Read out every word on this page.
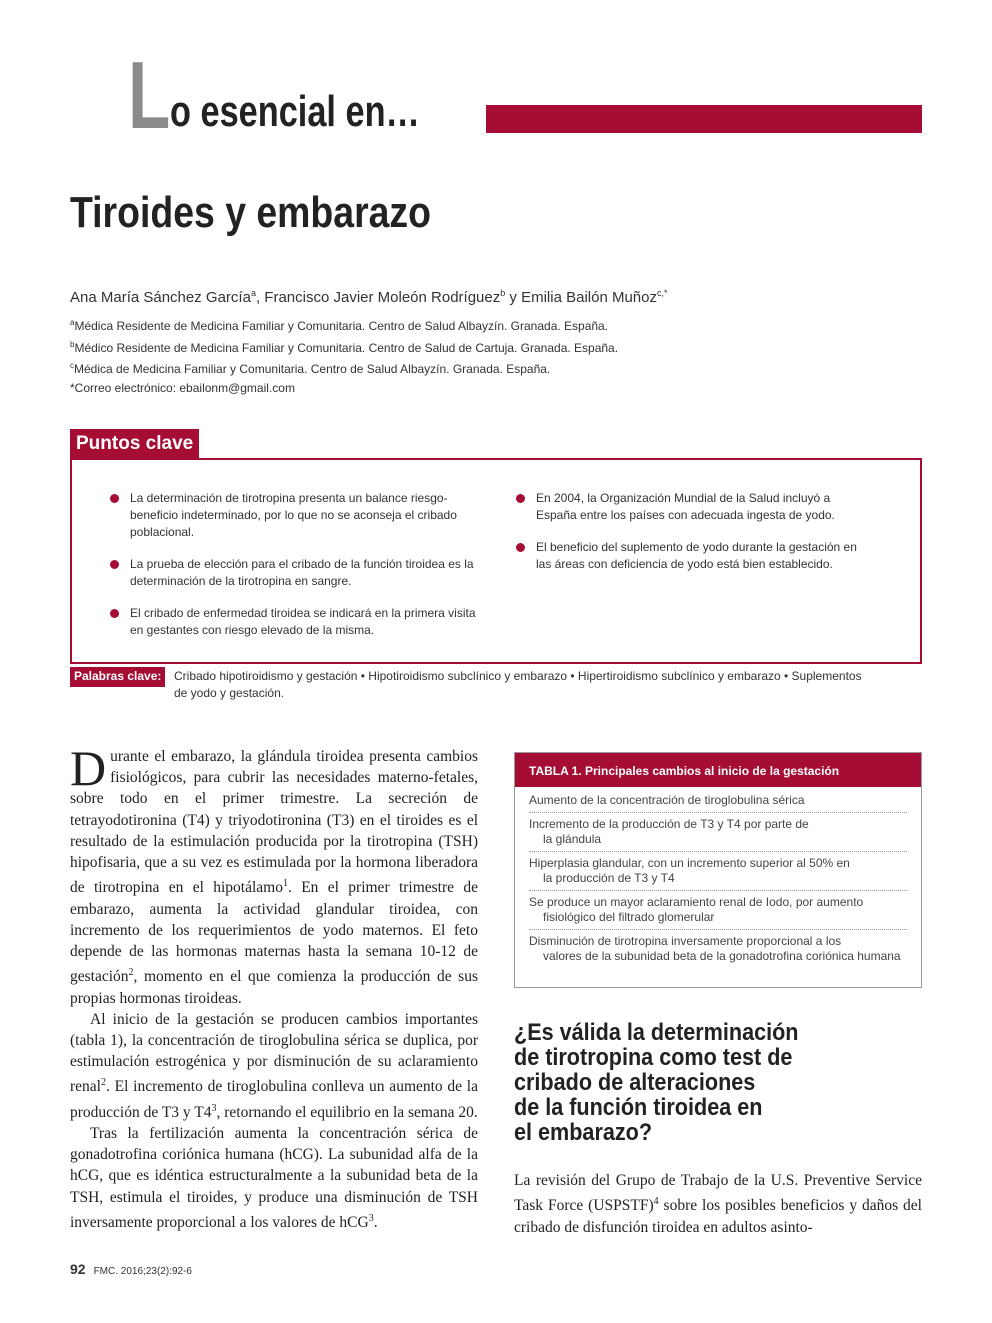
L o esencial en…
Tiroides y embarazo
Ana María Sánchez García$^a$, Francisco Javier Moleón Rodríguez$^b$ y Emilia Bailón Muñoz$^{c,*}$
$^a$Médica Residente de Medicina Familiar y Comunitaria. Centro de Salud Albayzín. Granada. España.
$^b$Médico Residente de Medicina Familiar y Comunitaria. Centro de Salud de Cartuja. Granada. España.
$^c$Médica de Medicina Familiar y Comunitaria. Centro de Salud Albayzín. Granada. España.
*Correo electrónico: ebailonm@gmail.com
Puntos clave
La determinación de tirotropina presenta un balance riesgo-beneficio indeterminado, por lo que no se aconseja el cribado poblacional.
La prueba de elección para el cribado de la función tiroidea es la determinación de la tirotropina en sangre.
El cribado de enfermedad tiroidea se indicará en la primera visita en gestantes con riesgo elevado de la misma.
En 2004, la Organización Mundial de la Salud incluyó a España entre los países con adecuada ingesta de yodo.
El beneficio del suplemento de yodo durante la gestación en las áreas con deficiencia de yodo está bien establecido.
Palabras clave:	Cribado hipotiroidismo y gestación • Hipotiroidismo subclínico y embarazo • Hipertiroidismo subclínico y embarazo • Suplementos de yodo y gestación.

Durante el embarazo, la glándula tiroidea presenta cambios fisiológicos, para cubrir las necesidades materno-fetales, sobre todo en el primer trimestre. La secreción de tetrayodotironina (T4) y triyodotironina (T3) en el tiroides es el resultado de la estimulación producida por la tirotropina (TSH) hipofisaria, que a su vez es estimulada por la hormona liberadora de tirotropina en el hipotálamo$^1$. En el primer trimestre de embarazo, aumenta la actividad glandular tiroidea, con incremento de los requerimientos de yodo maternos. El feto depende de las hormonas maternas hasta la semana 10-12 de gestación$^2$, momento en el que comienza la producción de sus propias hormonas tiroideas.

Al inicio de la gestación se producen cambios importantes (tabla 1), la concentración de tiroglobulina sérica se duplica, por estimulación estrogénica y por disminución de su aclaramiento renal$^2$. El incremento de tiroglobulina conlleva un aumento de la producción de T3 y $T4^3$, retornando el equilibrio en la semana 20.

Tras la fertilización aumenta la concentración sérica de gonadotrofina coriónica humana (hCG). La subunidad alfa de la hCG, que es idéntica estructuralmente a la subunidad beta de la TSH, estimula el tiroides, y produce una disminución de TSH inversamente proporcional a los valores de hCG$^3$.

TABLA 1. Principales cambios al inicio de la gestación
Aumento de la concentración de tiroglobulina sérica
Incremento de la producción de T3 y T4 por parte de
la glándula
Hiperplasia glandular, con un incremento superior al 50% en
la producción de T3 y T4
Se produce un mayor aclaramiento renal de Iodo, por aumento
fisiológico del filtrado glomerular
Disminución de tirotropina inversamente proporcional a los
valores de la subunidad beta de la gonadotrofina coriónica humana
¿Es válida la determinación
de tirotropina como test de
cribado de alteraciones
de la función tiroidea en
el embarazo?

La revisión del Grupo de Trabajo de la U.S. Preventive Service Task Force (USPSTF)$^4$ sobre los posibles beneficios y daños del cribado de disfunción tiroidea en adultos asinto-

92 FMC. 2016;23(2):92-6
